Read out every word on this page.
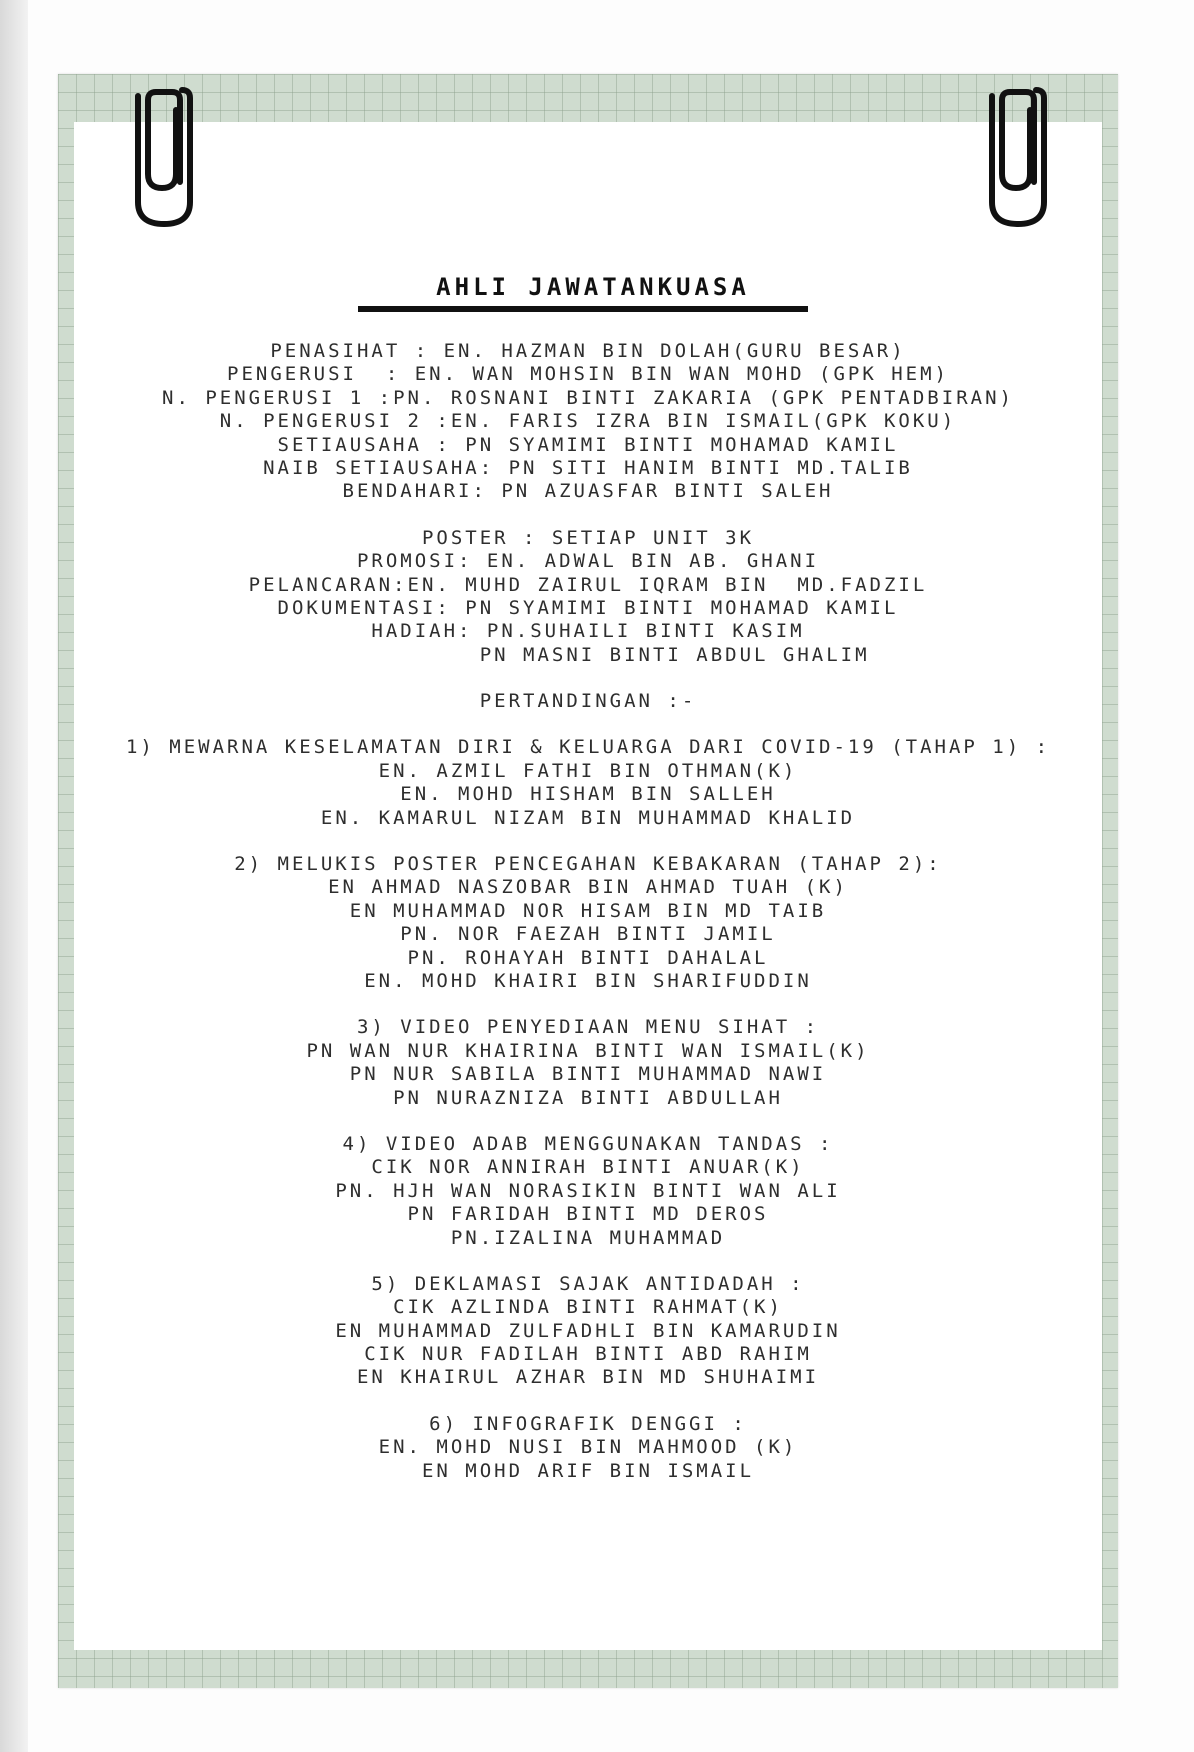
AHLI JAWATANKUASA
PENASIHAT : EN. HAZMAN BIN DOLAH(GURU BESAR)
PENGERUSI  : EN. WAN MOHSIN BIN WAN MOHD (GPK HEM)
N. PENGERUSI 1 :PN. ROSNANI BINTI ZAKARIA (GPK PENTADBIRAN)
N. PENGERUSI 2 :EN. FARIS IZRA BIN ISMAIL(GPK KOKU)
SETIAUSAHA : PN SYAMIMI BINTI MOHAMAD KAMIL
NAIB SETIAUSAHA: PN SITI HANIM BINTI MD.TALIB
BENDAHARI: PN AZUASFAR BINTI SALEH
POSTER : SETIAP UNIT 3K
PROMOSI: EN. ADWAL BIN AB. GHANI
PELANCARAN:EN. MUHD ZAIRUL IQRAM BIN  MD.FADZIL
DOKUMENTASI: PN SYAMIMI BINTI MOHAMAD KAMIL
HADIAH: PN.SUHAILI BINTI KASIM
PN MASNI BINTI ABDUL GHALIM
PERTANDINGAN :-
1) MEWARNA KESELAMATAN DIRI & KELUARGA DARI COVID-19 (TAHAP 1) :
EN. AZMIL FATHI BIN OTHMAN(K)
EN. MOHD HISHAM BIN SALLEH
EN. KAMARUL NIZAM BIN MUHAMMAD KHALID
2) MELUKIS POSTER PENCEGAHAN KEBAKARAN (TAHAP 2):
EN AHMAD NASZOBAR BIN AHMAD TUAH (K)
EN MUHAMMAD NOR HISAM BIN MD TAIB
PN. NOR FAEZAH BINTI JAMIL
PN. ROHAYAH BINTI DAHALAL
EN. MOHD KHAIRI BIN SHARIFUDDIN
3) VIDEO PENYEDIAAN MENU SIHAT :
PN WAN NUR KHAIRINA BINTI WAN ISMAIL(K)
PN NUR SABILA BINTI MUHAMMAD NAWI
PN NURAZNIZA BINTI ABDULLAH
4) VIDEO ADAB MENGGUNAKAN TANDAS :
CIK NOR ANNIRAH BINTI ANUAR(K)
PN. HJH WAN NORASIKIN BINTI WAN ALI
PN FARIDAH BINTI MD DEROS
PN.IZALINA MUHAMMAD
5) DEKLAMASI SAJAK ANTIDADAH :
CIK AZLINDA BINTI RAHMAT(K)
EN MUHAMMAD ZULFADHLI BIN KAMARUDIN
CIK NUR FADILAH BINTI ABD RAHIM
EN KHAIRUL AZHAR BIN MD SHUHAIMI
6) INFOGRAFIK DENGGI :
EN. MOHD NUSI BIN MAHMOOD (K)
EN MOHD ARIF BIN ISMAIL
